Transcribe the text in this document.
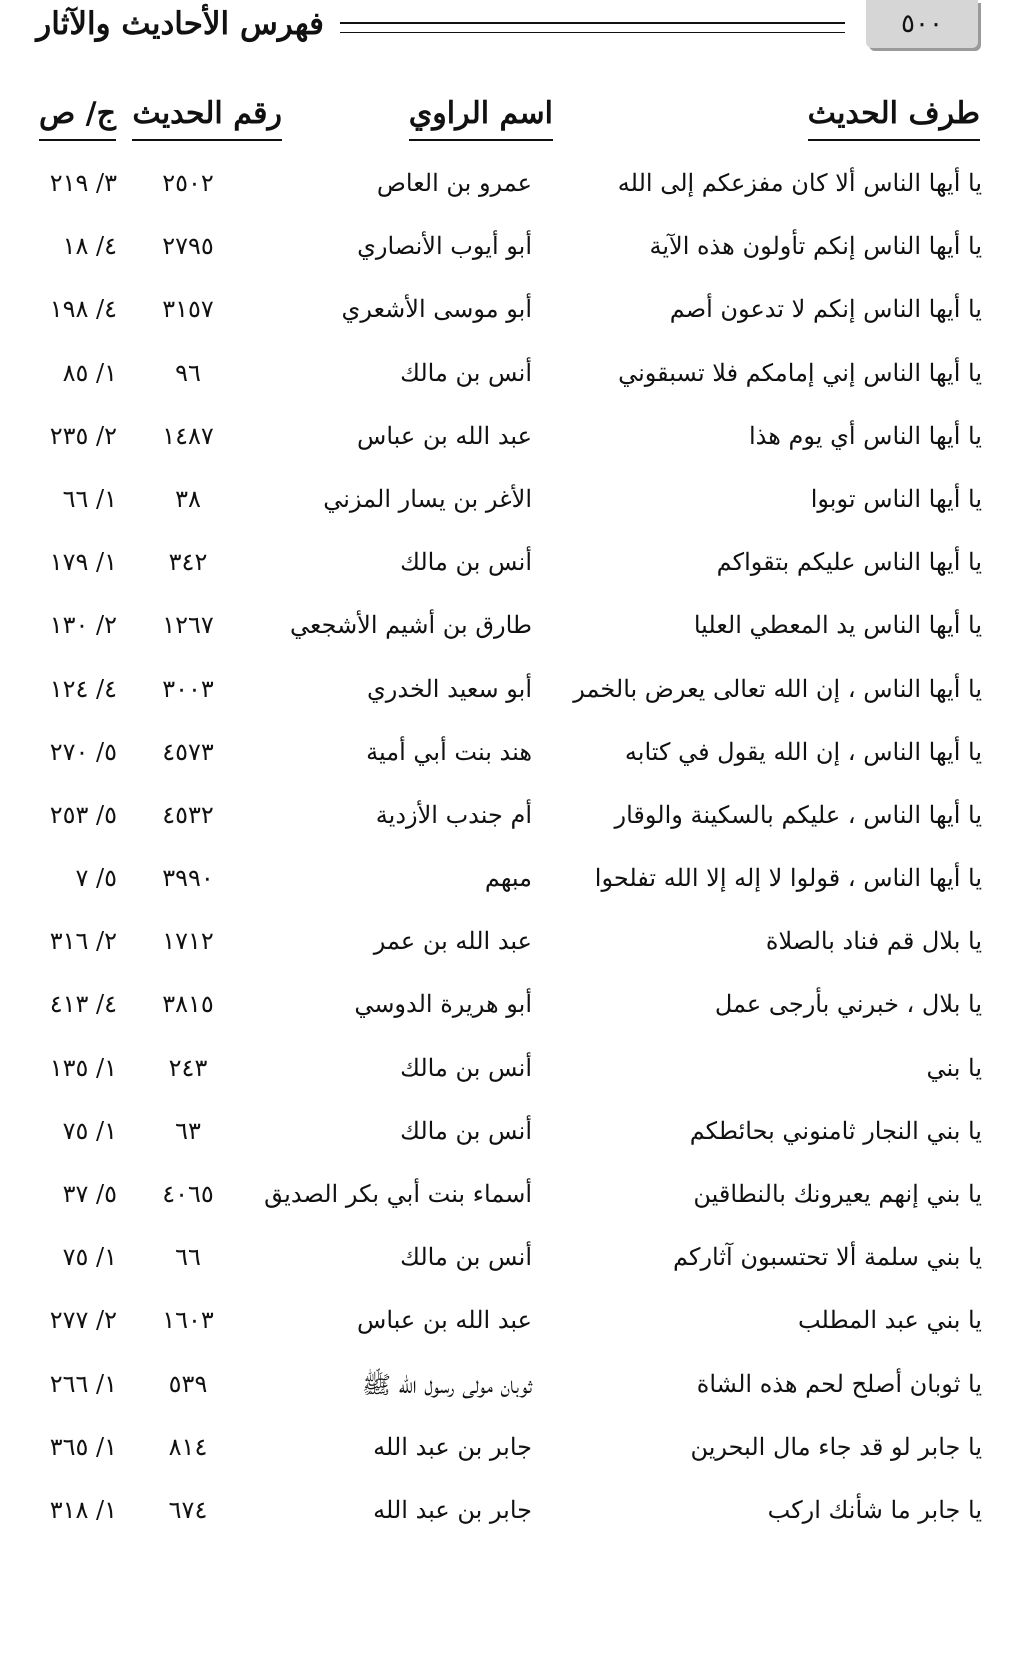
٥٠٠
فهرس الأحاديث والآثار
طرف الحديث
اسم الراوي
رقم الحديث
ج/ ص
يا أيها الناس ألا كان مفزعكم إلى الله
عمرو بن العاص
٢٥٠٢
٣/ ٢١٩
يا أيها الناس إنكم تأولون هذه الآية
أبو أيوب الأنصاري
٢٧٩٥
٤/ ١٨
يا أيها الناس إنكم لا تدعون أصم
أبو موسى الأشعري
٣١٥٧
٤/ ١٩٨
يا أيها الناس إني إمامكم فلا تسبقوني
أنس بن مالك
٩٦
١/ ٨٥
يا أيها الناس أي يوم هذا
عبد الله بن عباس
١٤٨٧
٢/ ٢٣٥
يا أيها الناس توبوا
الأغر بن يسار المزني
٣٨
١/ ٦٦
يا أيها الناس عليكم بتقواكم
أنس بن مالك
٣٤٢
١/ ١٧٩
يا أيها الناس يد المعطي العليا
طارق بن أشيم الأشجعي
١٢٦٧
٢/ ١٣٠
يا أيها الناس ، إن الله تعالى يعرض بالخمر
أبو سعيد الخدري
٣٠٠٣
٤/ ١٢٤
يا أيها الناس ، إن الله يقول في كتابه
هند بنت أبي أمية
٤٥٧٣
٥/ ٢٧٠
يا أيها الناس ، عليكم بالسكينة والوقار
أم جندب الأزدية
٤٥٣٢
٥/ ٢٥٣
يا أيها الناس ، قولوا لا إله إلا الله تفلحوا
مبهم
٣٩٩٠
٥/ ٧
يا بلال قم فناد بالصلاة
عبد الله بن عمر
١٧١٢
٢/ ٣١٦
يا بلال ، خبرني بأرجى عمل
أبو هريرة الدوسي
٣٨١٥
٤/ ٤١٣
يا بني
أنس بن مالك
٢٤٣
١/ ١٣٥
يا بني النجار ثامنوني بحائطكم
أنس بن مالك
٦٣
١/ ٧٥
يا بني إنهم يعيرونك بالنطاقين
أسماء بنت أبي بكر الصديق
٤٠٦٥
٥/ ٣٧
يا بني سلمة ألا تحتسبون آثاركم
أنس بن مالك
٦٦
١/ ٧٥
يا بني عبد المطلب
عبد الله بن عباس
١٦٠٣
٢/ ٢٧٧
يا ثوبان أصلح لحم هذه الشاة
ثوبان مولى رسول الله ﷺ
٥٣٩
١/ ٢٦٦
يا جابر لو قد جاء مال البحرين
جابر بن عبد الله
٨١٤
١/ ٣٦٥
يا جابر ما شأنك اركب
جابر بن عبد الله
٦٧٤
١/ ٣١٨
